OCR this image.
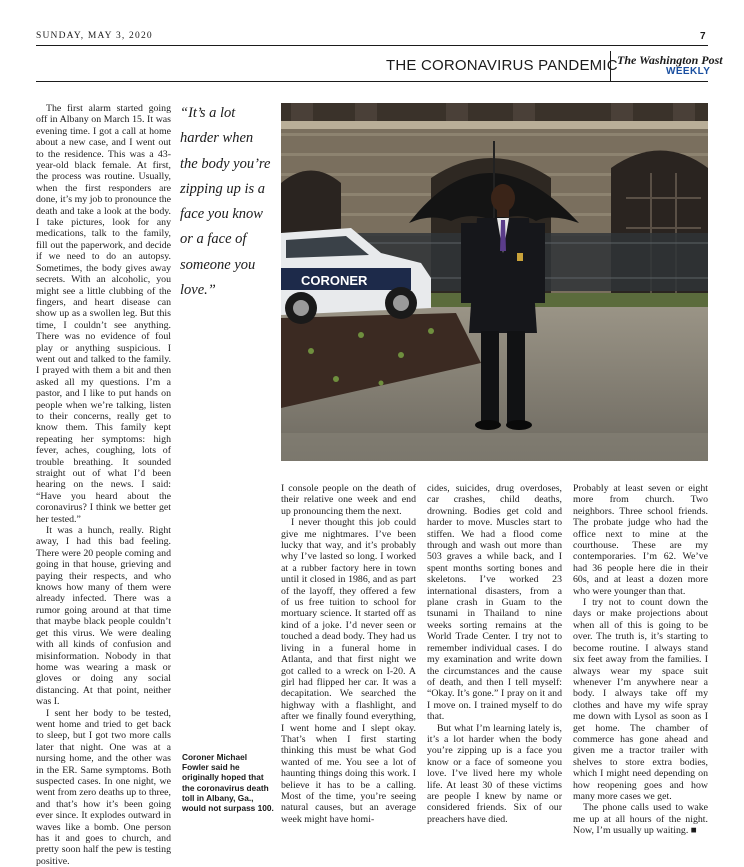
SUNDAY, MAY 3, 2020	7
THE CORONAVIRUS PANDEMIC The Washington Post
WEEKLY

The first alarm started going off in Albany on March 15. It was evening time. I got a call at home about a new case, and I went out to the residence. This was a 43-year-old black female. At first, the process was routine. Usually, when the first responders are done, it’s my job to pronounce the death and take a look at the body. I take pictures, look for any medications, talk to the family, fill out the paperwork, and decide if we need to do an autopsy. Sometimes, the body gives away secrets. With an alcoholic, you might see a little clubbing of the fingers, and heart disease can show up as a swollen leg. But this time, I couldn’t see anything. There was no evidence of foul play or anything suspicious. I went out and talked to the family. I prayed with them a bit and then asked all my questions. I’m a pastor, and I like to put hands on people when we’re talking, listen to their concerns, really get to know them. This family kept repeating her symptoms: high fever, aches, coughing, lots of trouble breathing. It sounded straight out of what I’d been hearing on the news. I said: “Have you heard about the coronavirus? I think we better get her tested.”

It was a hunch, really. Right away, I had this bad feeling. There were 20 people coming and going in that house, grieving and paying their respects, and who knows how many of them were already infected. There was a rumor going around at that time that maybe black people couldn’t get this virus. We were dealing with all kinds of confusion and misinformation. Nobody in that home was wearing a mask or gloves or doing any social distancing. At that point, neither was I.

I sent her body to be tested, went home and tried to get back to sleep, but I got two more calls later that night. One was at a nursing home, and the other was in the ER. Same symptoms. Both suspected cases. In one night, we went from zero deaths up to three, and that’s how it’s been going ever since. It explodes outward in waves like a bomb. One person has it and goes to church, and pretty soon half the pew is testing positive.

“It’s a lot harder when the body you’re zipping up is a face you know or a face of someone you love.”
CORONER
Coroner Michael Fowler said he originally hoped that the coronavirus death toll in Albany, Ga., would not surpass 100.

I console people on the death of their relative one week and end up pronouncing them the next.

I never thought this job could give me nightmares. I’ve been lucky that way, and it’s probably why I’ve lasted so long. I worked at a rubber factory here in town until it closed in 1986, and as part of the layoff, they offered a few of us free tuition to school for mortuary science. It started off as kind of a joke. I’d never seen or touched a dead body. They had us living in a funeral home in Atlanta, and that first night we got called to a wreck on I-20. A girl had flipped her car. It was a decapitation. We searched the highway with a flashlight, and after we finally found everything, I went home and I slept okay. That’s when I first starting thinking this must be what God wanted of me. You see a lot of haunting things doing this work. I believe it has to be a calling. Most of the time, you’re seeing natural causes, but an average week might have homi-

cides, suicides, drug overdoses, car crashes, child deaths, drowning. Bodies get cold and harder to move. Muscles start to stiffen. We had a flood come through and wash out more than 503 graves a while back, and I spent months sorting bones and skeletons. I’ve worked 23 international disasters, from a plane crash in Guam to the tsunami in Thailand to nine weeks sorting remains at the World Trade Center. I try not to remember individual cases. I do my examination and write down the circumstances and the cause of death, and then I tell myself: “Okay. It’s gone.” I pray on it and I move on. I trained myself to do that.

But what I’m learning lately is, it’s a lot harder when the body you’re zipping up is a face you know or a face of someone you love. I’ve lived here my whole life. At least 30 of these victims are people I knew by name or considered friends. Six of our preachers have died.

Probably at least seven or eight more from church. Two neighbors. Three school friends. The probate judge who had the office next to mine at the courthouse. These are my contemporaries. I’m 62. We’ve had 36 people here die in their 60s, and at least a dozen more who were younger than that.

I try not to count down the days or make projections about when all of this is going to be over. The truth is, it’s starting to become routine. I always stand six feet away from the families. I always wear my space suit whenever I’m anywhere near a body. I always take off my clothes and have my wife spray me down with Lysol as soon as I get home. The chamber of commerce has gone ahead and given me a tractor trailer with shelves to store extra bodies, which I might need depending on how reopening goes and how many more cases we get.

The phone calls used to wake me up at all hours of the night. Now, I’m usually up waiting. ■
